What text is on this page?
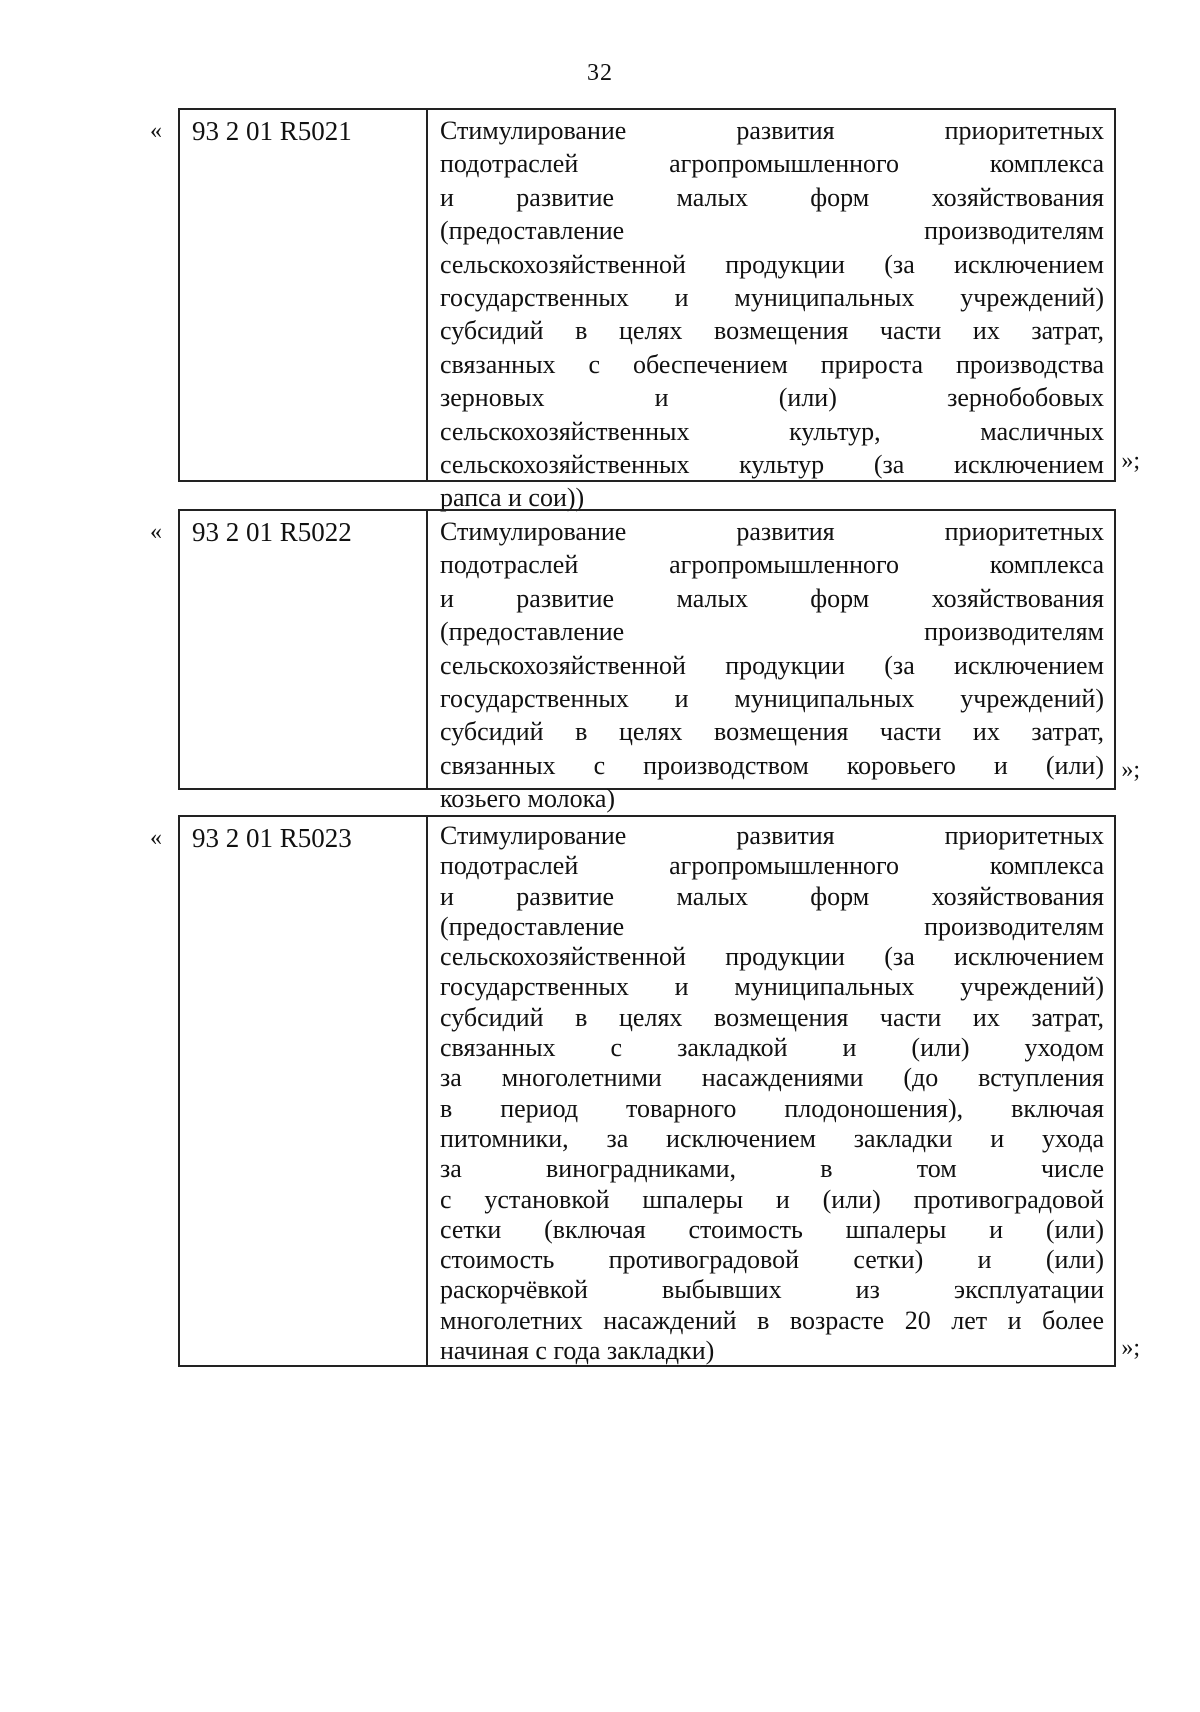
32
«	93 2 01 R5021	Стимулирование развития приоритетных
подотраслей агропромышленного комплекса
и развитие малых форм хозяйствования
(предоставление производителям
сельскохозяйственной продукции (за исключением
государственных и муниципальных учреждений)
субсидий в целях возмещения части их затрат,
связанных с обеспечением прироста производства
зерновых и (или) зернобобовых
сельскохозяйственных культур, масличных
сельскохозяйственных культур (за исключением
рапса и сои))
»;
«	93 2 01 R5022	Стимулирование развития приоритетных
подотраслей агропромышленного комплекса
и развитие малых форм хозяйствования
(предоставление производителям
сельскохозяйственной продукции (за исключением
государственных и муниципальных учреждений)
субсидий в целях возмещения части их затрат,
связанных с производством коровьего и (или)
козьего молока)
»;
«	93 2 01 R5023	Стимулирование развития приоритетных
подотраслей агропромышленного комплекса
и развитие малых форм хозяйствования
(предоставление производителям
сельскохозяйственной продукции (за исключением
государственных и муниципальных учреждений)
субсидий в целях возмещения части их затрат,
связанных с закладкой и (или) уходом
за многолетними насаждениями (до вступления
в период товарного плодоношения), включая
питомники, за исключением закладки и ухода
за виноградниками, в том числе
с установкой шпалеры и (или) противоградовой
сетки (включая стоимость шпалеры и (или)
стоимость противоградовой сетки) и (или)
раскорчёвкой выбывших из эксплуатации
многолетних насаждений в возрасте 20 лет и более
начиная с года закладки)	»;
